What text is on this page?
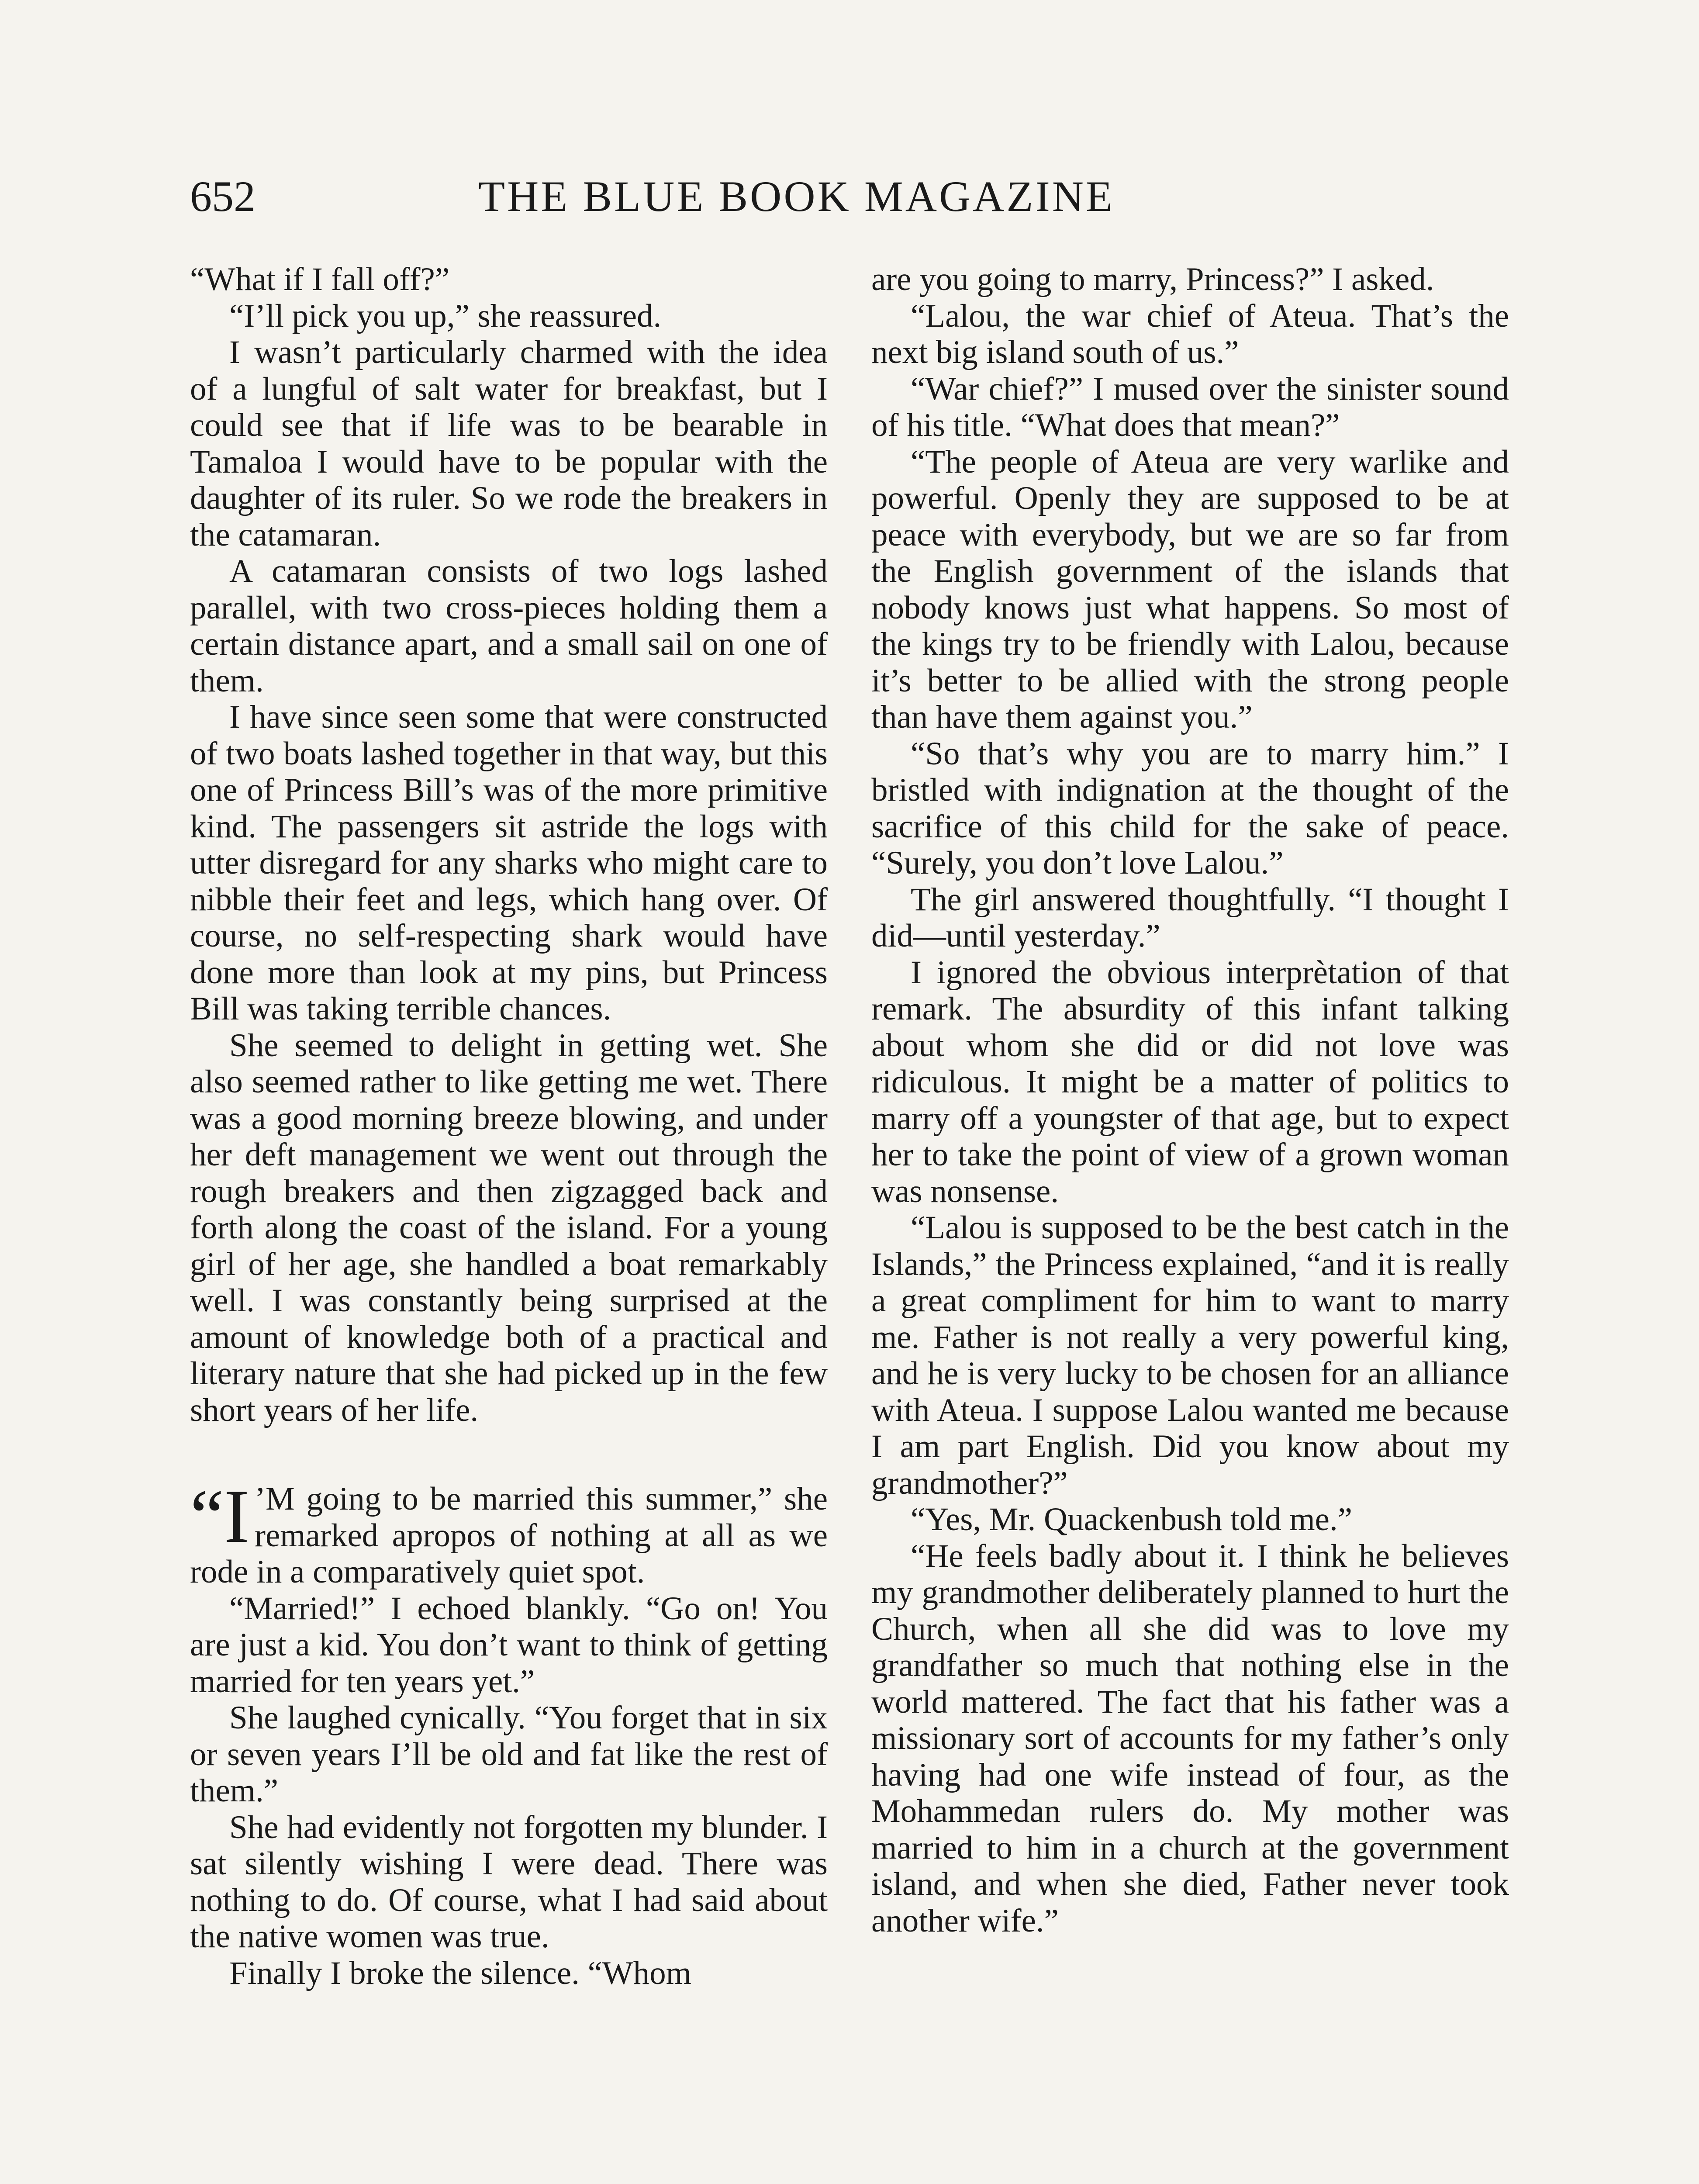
652	THE BLUE BOOK MAGAZINE

“What if I fall off?”

“I’ll pick you up,” she reassured.

I wasn’t particularly charmed with the idea of a lungful of salt water for breakfast, but I could see that if life was to be bearable in Tamaloa I would have to be popular with the daughter of its ruler. So we rode the breakers in the catamaran.

A catamaran consists of two logs lashed parallel, with two cross-pieces holding them a certain distance apart, and a small sail on one of them.

I have since seen some that were constructed of two boats lashed together in that way, but this one of Princess Bill’s was of the more primitive kind. The passengers sit astride the logs with utter disregard for any sharks who might care to nibble their feet and legs, which hang over. Of course, no self-respecting shark would have done more than look at my pins, but Princess Bill was taking terrible chances.

She seemed to delight in getting wet. She also seemed rather to like getting me wet. There was a good morning breeze blowing, and under her deft management we went out through the rough breakers and then zigzagged back and forth along the coast of the island. For a young girl of her age, she handled a boat remarkably well. I was constantly being surprised at the amount of knowledge both of a practical and literary nature that she had picked up in the few short years of her life.

“I ’M going to be married this summer,” she remarked apropos of nothing at all as we rode in a comparatively quiet spot.

“Married!” I echoed blankly. “Go on! You are just a kid. You don’t want to think of getting married for ten years yet.”

She laughed cynically. “You forget that in six or seven years I’ll be old and fat like the rest of them.”

She had evidently not forgotten my blunder. I sat silently wishing I were dead. There was nothing to do. Of course, what I had said about the native women was true.

Finally I broke the silence. “Whom

are you going to marry, Princess?” I asked.

“Lalou, the war chief of Ateua. That’s the next big island south of us.”

“War chief?” I mused over the sinister sound of his title. “What does that mean?”

“The people of Ateua are very warlike and powerful. Openly they are supposed to be at peace with everybody, but we are so far from the English government of the islands that nobody knows just what happens. So most of the kings try to be friendly with Lalou, because it’s better to be allied with the strong people than have them against you.”

“So that’s why you are to marry him.” I bristled with indignation at the thought of the sacrifice of this child for the sake of peace. “Surely, you don’t love Lalou.”

The girl answered thoughtfully. “I thought I did—until yesterday.”

I ignored the obvious interprètation of that remark. The absurdity of this infant talking about whom she did or did not love was ridiculous. It might be a matter of politics to marry off a youngster of that age, but to expect her to take the point of view of a grown woman was nonsense.

“Lalou is supposed to be the best catch in the Islands,” the Princess explained, “and it is really a great compliment for him to want to marry me. Father is not really a very powerful king, and he is very lucky to be chosen for an alliance with Ateua. I suppose Lalou wanted me because I am part English. Did you know about my grandmother?”

“Yes, Mr. Quackenbush told me.”

“He feels badly about it. I think he believes my grandmother deliberately planned to hurt the Church, when all she did was to love my grandfather so much that nothing else in the world mattered. The fact that his father was a missionary sort of accounts for my father’s only having had one wife instead of four, as the Mohammedan rulers do. My mother was married to him in a church at the government island, and when she died, Father never took another wife.”
